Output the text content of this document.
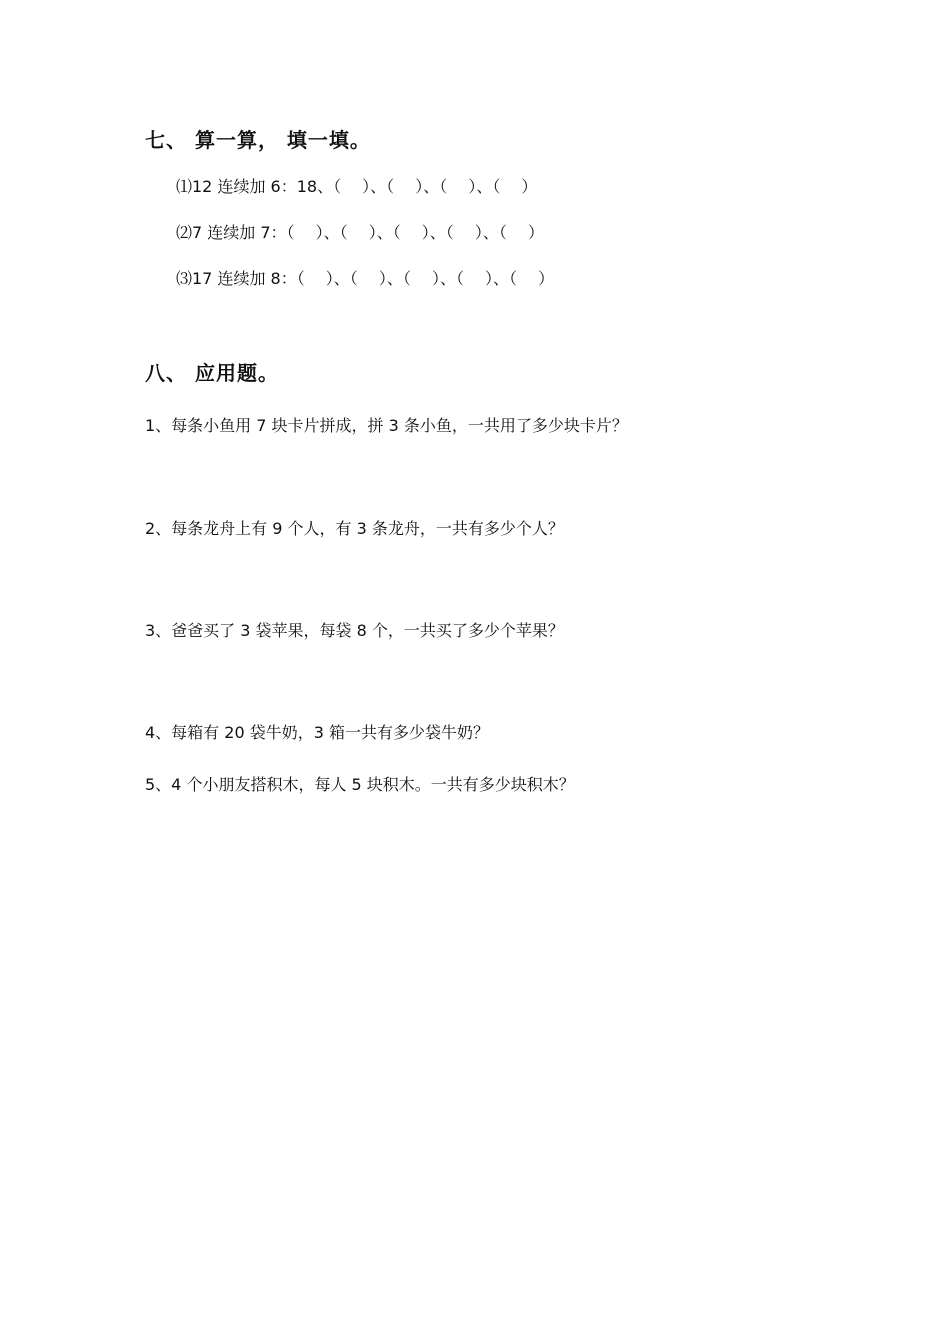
七、 算一算， 填一填。
⑴12 连续加 6：18、（　 ）、（　 ）、（　 ）、（　 ）
⑵7 连续加 7：（　 ）、（　 ）、（　 ）、（　 ）、（　 ）
⑶17 连续加 8：（　 ）、（　 ）、（　 ）、（　 ）、（　 ）
八、 应用题。
1、每条小鱼用 7 块卡片拼成，拼 3 条小鱼，一共用了多少块卡片？
2、每条龙舟上有 9 个人，有 3 条龙舟，一共有多少个人？
3、爸爸买了 3 袋苹果，每袋 8 个，一共买了多少个苹果？
4、每箱有 20 袋牛奶，3 箱一共有多少袋牛奶？
5、4 个小朋友搭积木，每人 5 块积木。一共有多少块积木？
